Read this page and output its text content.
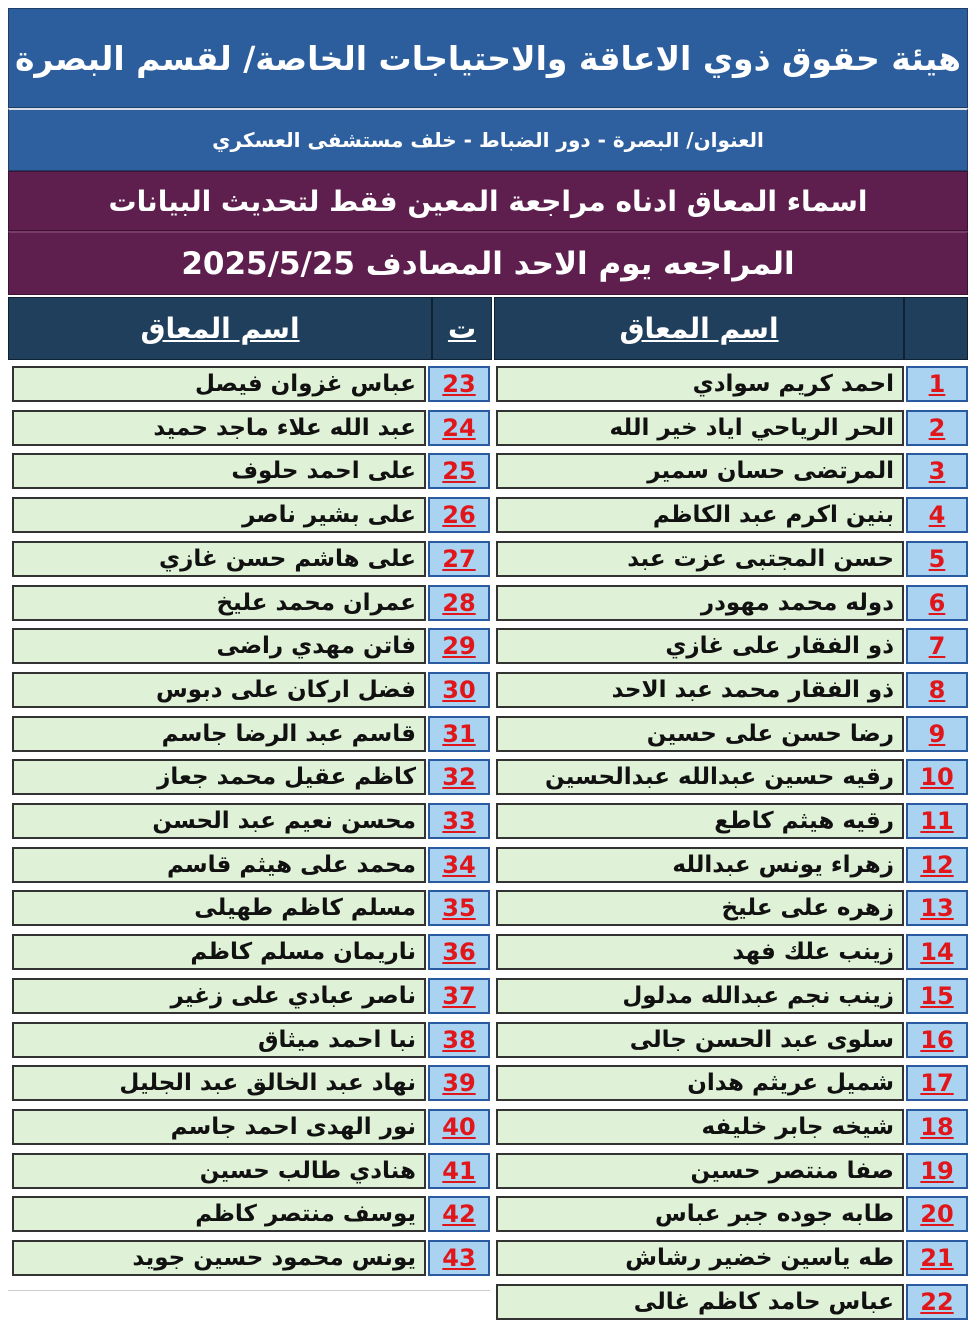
هيئة حقوق ذوي الاعاقة والاحتياجات الخاصة/ لقسم البصرة
العنوان/ البصرة - دور الضباط - خلف مستشفى العسكري
اسماء المعاق ادناه مراجعة المعين فقط لتحديث البيانات
المراجعه يوم الاحد المصادف 2025/5/25
اسم المعاق	ت	اسم المعاق
احمد كريم سوادي	1
الحر الرياحي اياد خير الله	2
المرتضى حسان سمير	3
بنين اكرم عبد الكاظم	4
حسن المجتبى عزت عبد	5
دوله محمد مهودر	6
ذو الفقار على غازي	7
ذو الفقار محمد عبد الاحد	8
رضا حسن على حسين	9
رقيه حسين عبدالله عبدالحسين	10
رقيه هيثم كاطع	11
زهراء يونس عبدالله	12
زهره على عليخ	13
زينب علك فهد	14
زينب نجم عبدالله مدلول	15
سلوى عبد الحسن جالى	16
شميل عريثم هدان	17
شيخه جابر خليفه	18
صفا منتصر حسين	19
طابه جوده جبر عباس	20
طه ياسين خضير رشاش	21
عباس حامد كاظم غالى	22
عباس غزوان فيصل	23
عبد الله علاء ماجد حميد	24
على احمد حلوف	25
على بشير ناصر	26
على هاشم حسن غازي	27
عمران محمد عليخ	28
فاتن مهدي راضى	29
فضل اركان على دبوس	30
قاسم عبد الرضا جاسم	31
كاظم عقيل محمد جعاز	32
محسن نعيم عبد الحسن	33
محمد على هيثم قاسم	34
مسلم كاظم طهيلى	35
ناريمان مسلم كاظم	36
ناصر عبادي على زغير	37
نبا احمد ميثاق	38
نهاد عبد الخالق عبد الجليل	39
نور الهدى احمد جاسم	40
هنادي طالب حسين	41
يوسف منتصر كاظم	42
يونس محمود حسين جويد	43
